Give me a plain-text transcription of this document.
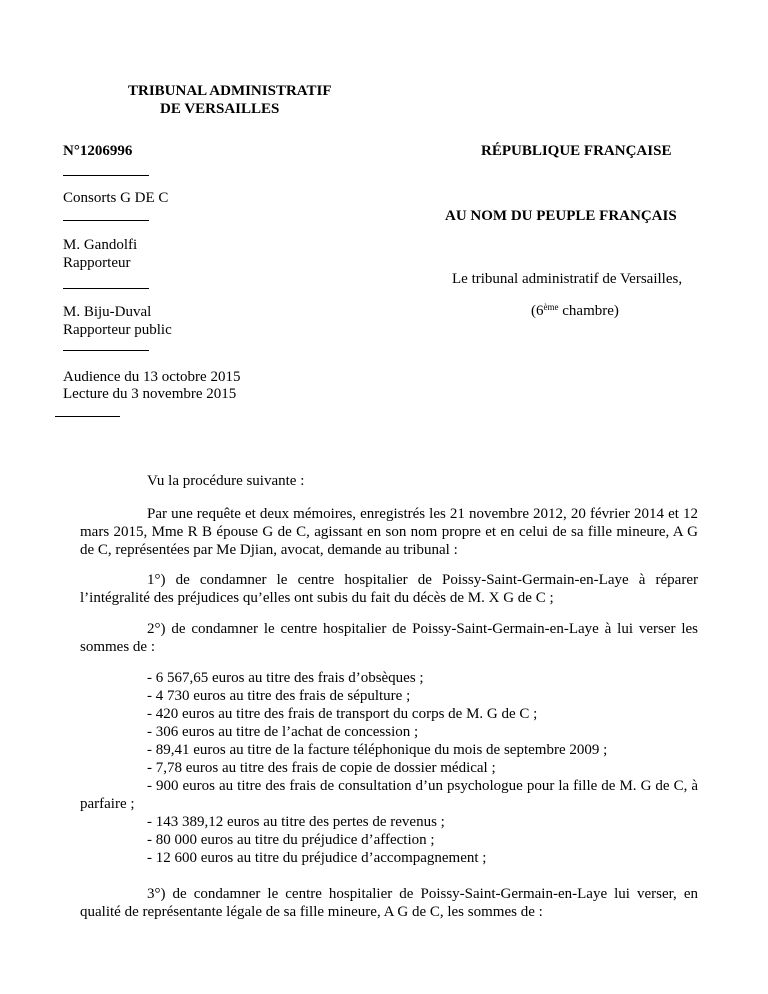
TRIBUNAL ADMINISTRATIF
DE VERSAILLES
N°1206996	RÉPUBLIQUE FRANÇAISE
Consorts G DE C
AU NOM DU PEUPLE FRANÇAIS
M. Gandolfi
Rapporteur
Le tribunal administratif de Versailles,
M. Biju-Duval
Rapporteur public
(6ème chambre)
Audience du 13 octobre 2015
Lecture du 3 novembre 2015
Vu la procédure suivante :
Par une requête et deux mémoires, enregistrés les 21 novembre 2012, 20 février 2014 et 12 mars 2015, Mme R B épouse G de C, agissant en son nom propre et en celui de sa fille mineure, A G de C, représentées par Me Djian, avocat, demande au tribunal :
1°) de condamner le centre hospitalier de Poissy-Saint-Germain-en-Laye à réparer l’intégralité des préjudices qu’elles ont subis du fait du décès de M. X G de C ;
2°) de condamner le centre hospitalier de Poissy-Saint-Germain-en-Laye à lui verser les sommes de :
- 6 567,65 euros au titre des frais d’obsèques ;
- 4 730 euros au titre des frais de sépulture ;
- 420 euros au titre des frais de transport du corps de M. G de C ;
- 306 euros au titre de l’achat de concession ;
- 89,41 euros au titre de la facture téléphonique du mois de septembre 2009 ;
- 7,78 euros au titre des frais de copie de dossier médical ;
- 900 euros au titre des frais de consultation d’un psychologue pour la fille de M. G de C, à parfaire ;
- 143 389,12 euros au titre des pertes de revenus ;
- 80 000 euros au titre du préjudice d’affection ;
- 12 600 euros au titre du préjudice d’accompagnement ;
3°) de condamner le centre hospitalier de Poissy-Saint-Germain-en-Laye lui verser, en qualité de représentante légale de sa fille mineure, A G de C, les sommes de :
